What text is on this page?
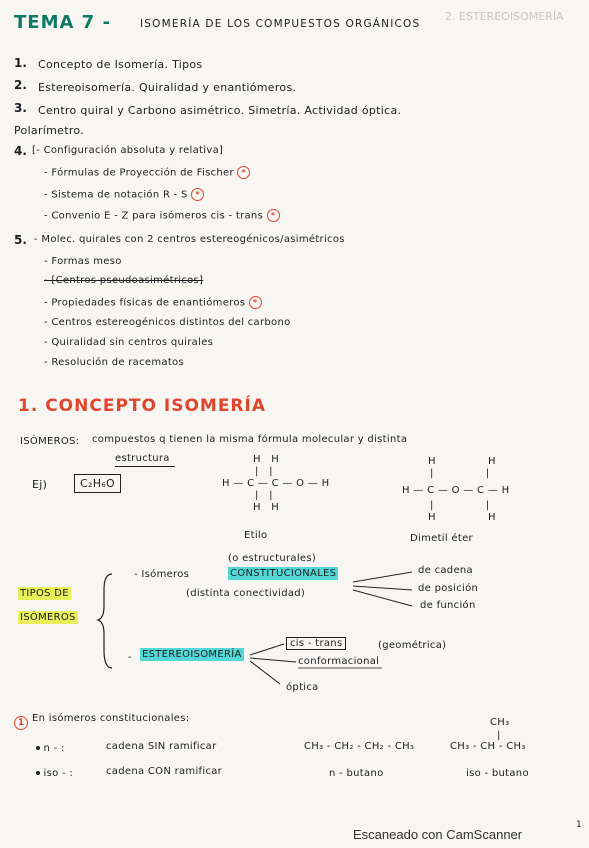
2. ESTEREOISOMERÍA
TEMA 7 -	ISOMERÍA DE LOS COMPUESTOS ORGÁNICOS
1. Concepto de Isomería. Tipos
2. Estereoisomería. Quiralidad y enantiómeros.
3. Centro quiral y Carbono asimétrico. Simetría. Actividad óptica.
Polarímetro.
4. [- Configuración absoluta y relativa]
- Fórmulas de Proyección de Fischer *
- Sistema de notación R - S *
- Convenio E - Z para isómeros cis - trans *
5. - Molec. quirales con 2 centros estereogénicos/asimétricos
- Formas meso
- [Centros pseudoasimétricos]
- Propiedades físicas de enantiómeros *
- Centros estereogénicos distintos del carbono
- Quiralidad sin centros quirales
- Resolución de racematos
1. CONCEPTO ISOMERÍA
ISÓMEROS: compuestos q tienen la misma fórmula molecular y distinta
estructura
Ej)	C₂H₆O
H   H
|   |
H — C — C — O — H
|   |
H   H
Etilo
H               H
|               |
H — C — O — C — H
|               |
H               H
Dimetil éter
TIPOS DE
ISÓMEROS
(o estructurales)
- Isómeros	CONSTITUCIONALES
(distinta conectividad)
de cadena
de posición
de función
- ESTEREOISOMERÍA
cis - trans	(geométrica)
conformacional
óptica
1 En isómeros constitucionales:
n - :	cadena SIN ramificar
iso - :	cadena CON ramificar
CH₃ - CH₂ - CH₂ - CH₃
n - butano
CH₃
|
CH₃ - CH - CH₃
iso - butano
Escaneado con CamScanner
1
